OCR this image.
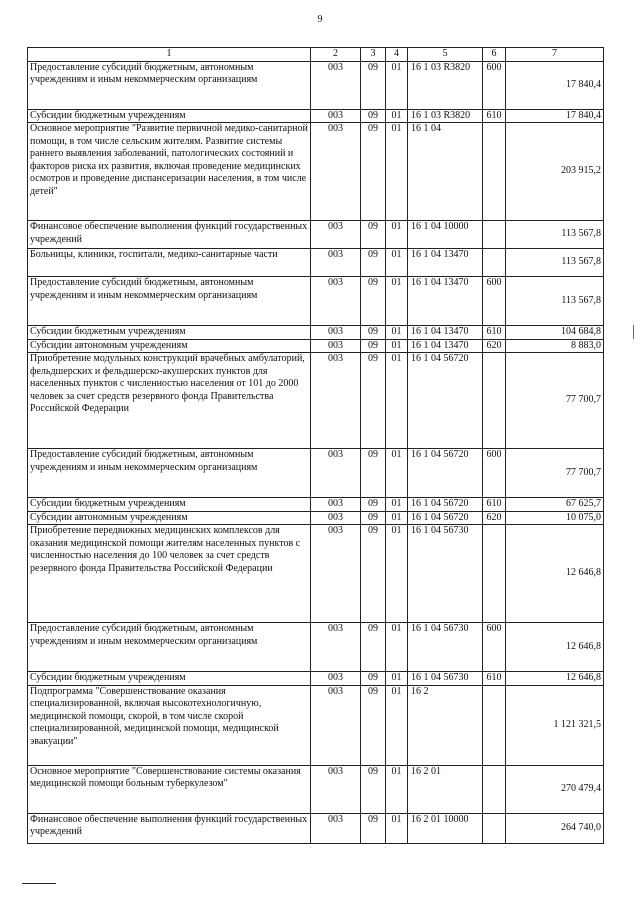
9
1	2	3	4	5	6	7
Предоставление субсидий бюджетным, автономным учреждениям и иным некоммерческим организациям	003	09	01	16 1 03 R3820	600	17 840,4
Субсидии бюджетным учреждениям	003	09	01	16 1 03 R3820	610	17 840,4
Основное мероприятие "Развитие первичной медико-санитарной помощи, в том числе сельским жителям. Развитие системы раннего выявления заболеваний, патологических состояний и факторов риска их развития, включая проведение медицинских осмотров и проведение диспансеризации населения, в том числе детей"	003	09	01	16 1 04		203 915,2
Финансовое обеспечение выполнения функций государственных учреждений	003	09	01	16 1 04 10000		113 567,8
Больницы, клиники, госпитали, медико-санитарные части	003	09	01	16 1 04 13470		113 567,8
Предоставление субсидий бюджетным, автономным учреждениям и иным некоммерческим организациям	003	09	01	16 1 04 13470	600	113 567,8
Субсидии бюджетным учреждениям	003	09	01	16 1 04 13470	610	104 684,8
Субсидии автономным учреждениям	003	09	01	16 1 04 13470	620	8 883,0
Приобретение модульных конструкций врачебных амбулаторий, фельдшерских и фельдшерско-акушерских пунктов для населенных пунктов с численностью населения от 101 до 2000 человек за счет средств резервного фонда Правительства Российской Федерации	003	09	01	16 1 04 56720		77 700,7
Предоставление субсидий бюджетным, автономным учреждениям и иным некоммерческим организациям	003	09	01	16 1 04 56720	600	77 700,7
Субсидии бюджетным учреждениям	003	09	01	16 1 04 56720	610	67 625,7
Субсидии автономным учреждениям	003	09	01	16 1 04 56720	620	10 075,0
Приобретение передвижных медицинских комплексов для оказания медицинской помощи жителям населенных пунктов с численностью населения до 100 человек за счет средств резервного фонда Правительства Российской Федерации	003	09	01	16 1 04 56730		12 646,8
Предоставление субсидий бюджетным, автономным учреждениям и иным некоммерческим организациям	003	09	01	16 1 04 56730	600	12 646,8
Субсидии бюджетным учреждениям	003	09	01	16 1 04 56730	610	12 646,8
Подпрограмма "Совершенствование оказания специализированной, включая высокотехнологичную, медицинской помощи, скорой, в том числе скорой специализированной, медицинской помощи, медицинской эвакуации"	003	09	01	16 2		1 121 321,5
Основное мероприятие "Совершенствование системы оказания медицинской помощи больным туберкулезом"	003	09	01	16 2 01		270 479,4
Финансовое обеспечение выполнения функций государственных учреждений	003	09	01	16 2 01 10000		264 740,0
